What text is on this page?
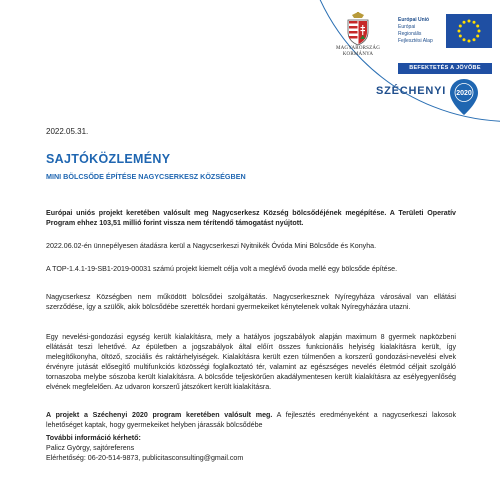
MAGYARORSZÁG
KORMÁNYA
Európai Unió
Európai Regionális
Fejlesztési Alap
BEFEKTETÉS A JÖVŐBE
SZÉCHENYI 2020
2022.05.31.
SAJTÓKÖZLEMÉNY
MINI BÖLCSŐDE ÉPÍTÉSE NAGYCSERKESZ KÖZSÉGBEN

Európai uniós projekt keretében valósult meg Nagycserkesz Község bölcsődéjének megépítése. A Területi Operatív Program ehhez 103,51 millió forint vissza nem térítendő támogatást nyújtott.

2022.06.02-én ünnepélyesen átadásra kerül a Nagycserkeszi Nyitnikék Óvóda Mini Bölcsőde és Konyha.

A TOP-1.4.1-19-SB1-2019-00031 számú projekt kiemelt célja volt a meglévő óvoda mellé egy bölcsőde építése.

Nagycserkesz Községben nem működött bölcsődei szolgáltatás. Nagycserkesznek Nyíregyháza városával van ellátási szerződése, így a szülők, akik bölcsődébe szerették hordani gyermekeiket kénytelenek voltak Nyíregyházára utazni.

Egy nevelési-gondozási egység került kialakításra, mely a hatályos jogszabályok alapján maximum 8 gyermek napközbeni ellátását teszi lehetővé. Az épületben a jogszabályok által előírt összes funkcionális helyiség kialakításra került, így melegítőkonyha, öltöző, szociális és raktárhelyiségek. Kialakításra került ezen túlmenően a korszerű gondozási-nevelési elvek érvényre jutását elősegítő multifunkciós közösségi foglalkoztató tér, valamint az egészséges nevelés életmód céljait szolgáló tornaszoba melybe sószoba került kialakításra. A bölcsőde teljeskörűen akadálymentesen került kialakításra az esélyegyenlőség elvének megfelelően. Az udvaron korszerű játszókert került kialakításra.

A projekt a Széchenyi 2020 program keretében valósult meg. A fejlesztés eredményeként a nagycserkeszi lakosok lehetőséget kaptak, hogy gyermekeiket helyben járassák bölcsődébe

További információ kérhető:
Palicz György, sajtóreferens
Elérhetőség: 06-20-514-9873, publicitasconsulting@gmail.com
